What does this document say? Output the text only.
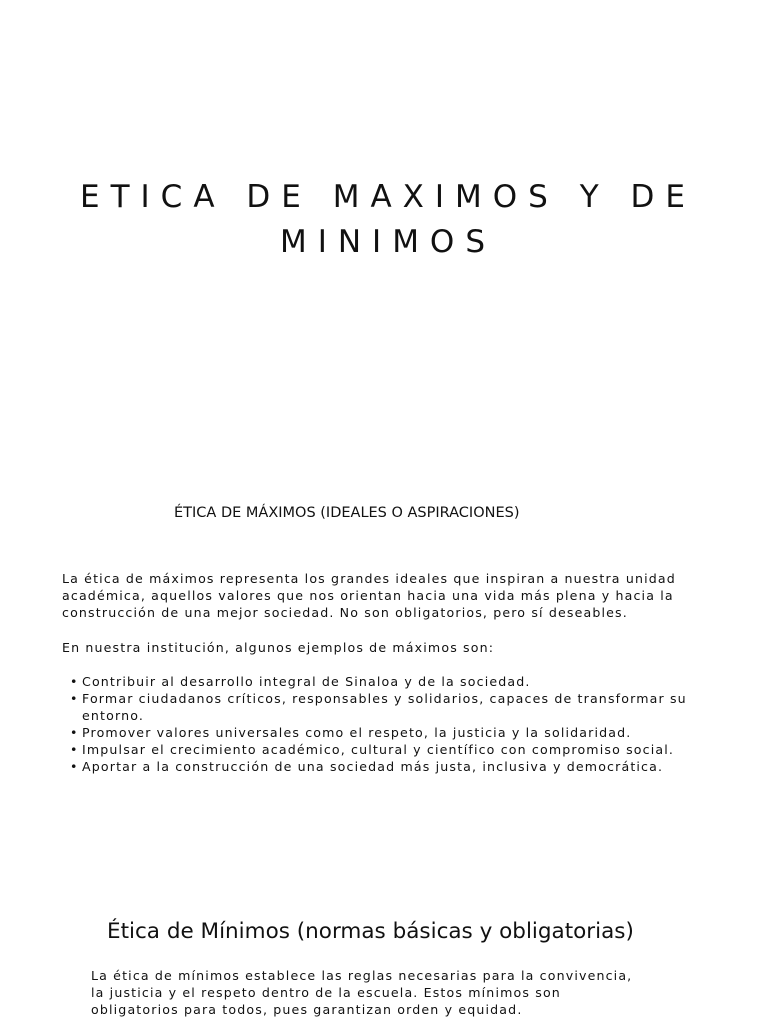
ETICA DE MAXIMOS Y DE
MINIMOS
ÉTICA DE MÁXIMOS (IDEALES O ASPIRACIONES)

La ética de máximos representa los grandes ideales que inspiran a nuestra unidad
académica, aquellos valores que nos orientan hacia una vida más plena y hacia la
construcción de una mejor sociedad. No son obligatorios, pero sí deseables.

En nuestra institución, algunos ejemplos de máximos son:

• Contribuir al desarrollo integral de Sinaloa y de la sociedad.
• Formar ciudadanos críticos, responsables y solidarios, capaces de transformar su
entorno.
• Promover valores universales como el respeto, la justicia y la solidaridad.
• Impulsar el crecimiento académico, cultural y científico con compromiso social.
• Aportar a la construcción de una sociedad más justa, inclusiva y democrática.
Ética de Mínimos (normas básicas y obligatorias)

La ética de mínimos establece las reglas necesarias para la convivencia,
la justicia y el respeto dentro de la escuela. Estos mínimos son
obligatorios para todos, pues garantizan orden y equidad.
